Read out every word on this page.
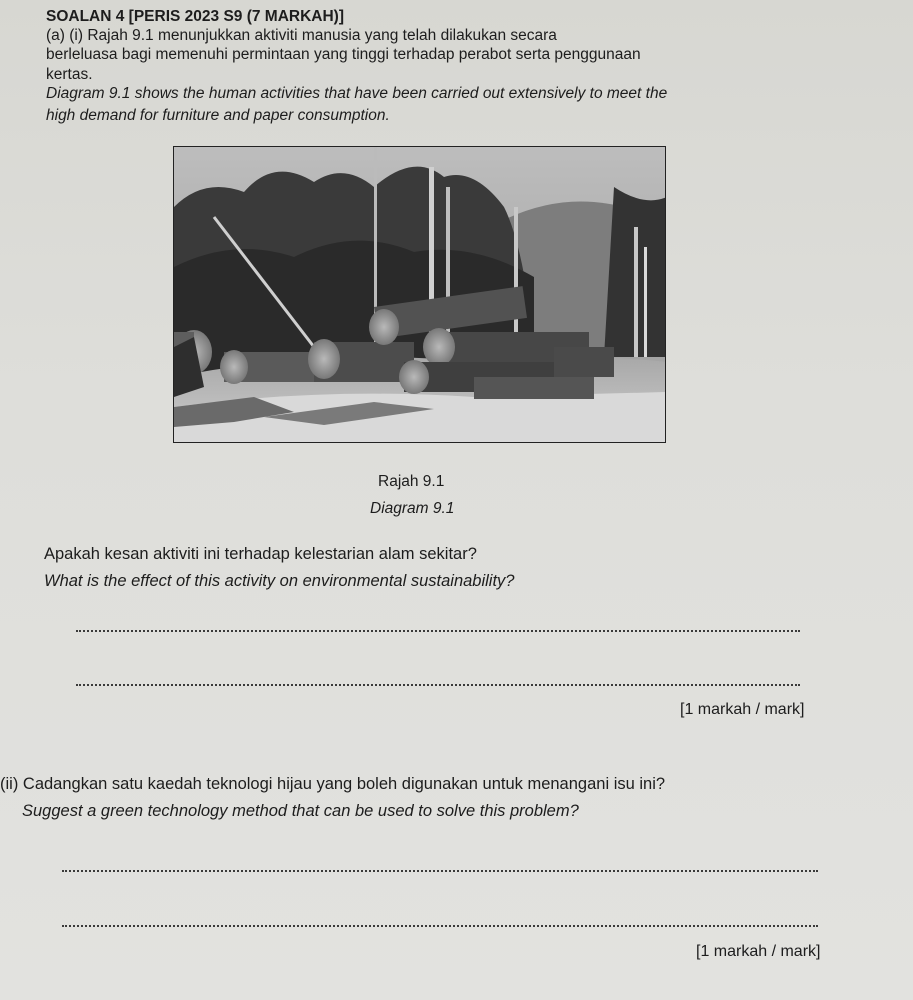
SOALAN 4 [PERIS 2023 S9 (7 MARKAH)]
(a) (i) Rajah 9.1 menunjukkan aktiviti manusia yang telah dilakukan secara
berleluasa bagi memenuhi permintaan yang tinggi terhadap perabot serta penggunaan
kertas.
Diagram 9.1 shows the human activities that have been carried out extensively to meet the
high demand for furniture and paper consumption.
Rajah 9.1
Diagram 9.1
Apakah kesan aktiviti ini terhadap kelestarian alam sekitar?
What is the effect of this activity on environmental sustainability?
[1 markah / mark]
(ii) Cadangkan satu kaedah teknologi hijau yang boleh digunakan untuk menangani isu ini?
Suggest a green technology method that can be used to solve this problem?
[1 markah / mark]
